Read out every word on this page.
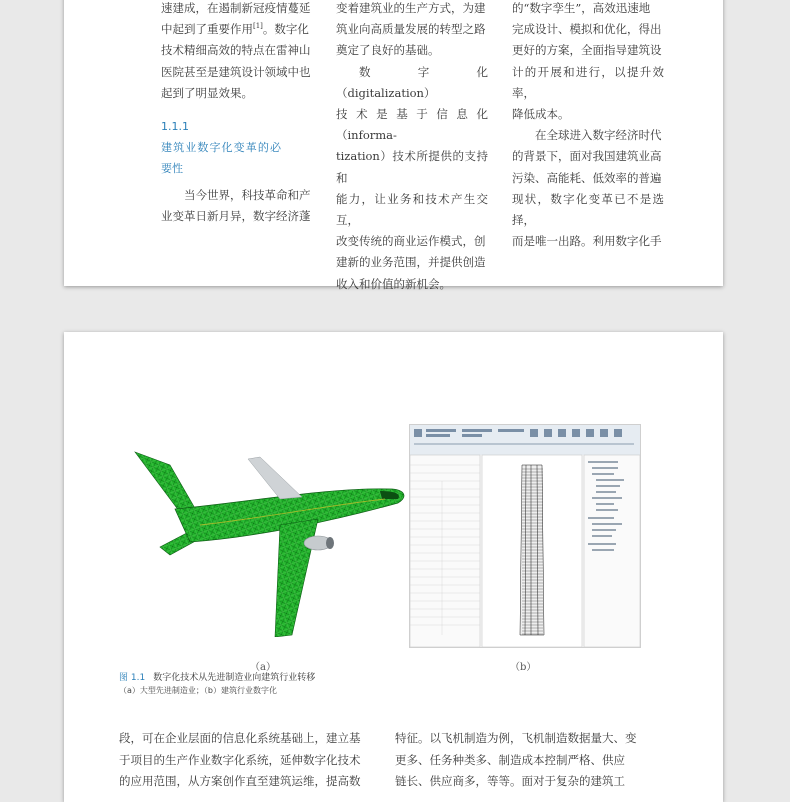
速建成，在遏制新冠疫情蔓延

中起到了重要作用[1]。数字化

技术精细高效的特点在雷神山

医院甚至是建筑设计领域中也

起到了明显效果。

1.1.1建筑业数字化变革的必要性

当今世界，科技革命和产

业变革日新月异，数字经济蓬

变着建筑业的生产方式，为建

筑业向高质量发展的转型之路

奠定了良好的基础。

数 字 化（digitalization）

技术是基于信息化（informa-

tization）技术所提供的支持和

能力，让业务和技术产生交互，

改变传统的商业运作模式，创

建新的业务范围，并提供创造

收入和价值的新机会。

的“数字孪生”，高效迅速地

完成设计、模拟和优化，得出

更好的方案，全面指导建筑设

计的开展和进行，以提升效率，

降低成本。

在全球进入数字经济时代

的背景下，面对我国建筑业高

污染、高能耗、低效率的普遍

现状，数字化变革已不是选择，

而是唯一出路。利用数字化手

（a）	（b）
图 1.1 数字化技术从先进制造业向建筑行业转移
（a）大型先进制造业；（b）建筑行业数字化

段，可在企业层面的信息化系统基础上，建立基

于项目的生产作业数字化系统，延伸数字化技术

的应用范围，从方案创作直至建筑运维，提高数

特征。以飞机制造为例，飞机制造数据量大、变

更多、任务种类多、制造成本控制严格、供应

链长、供应商多，等等。面对于复杂的建筑工
